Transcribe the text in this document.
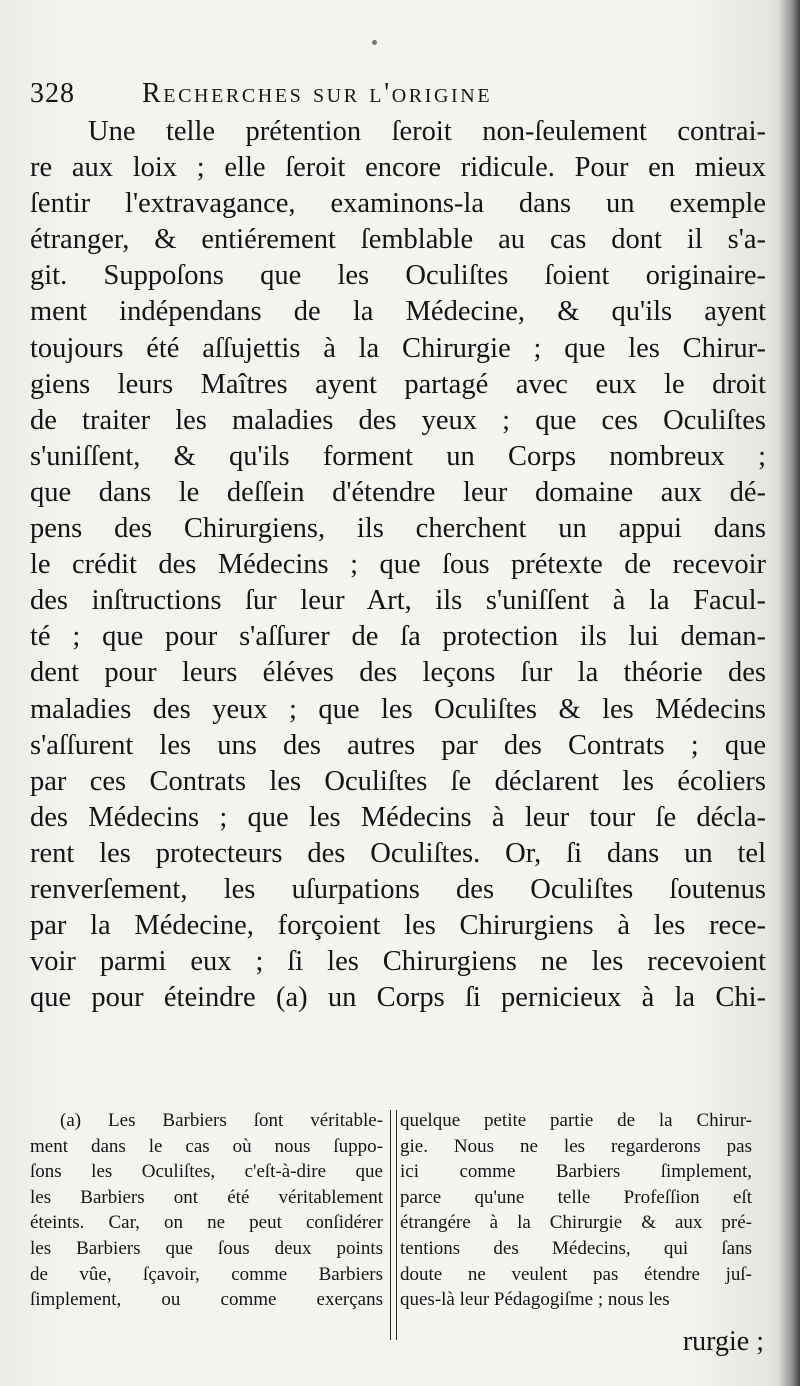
328 Recherches sur l'origine
Une telle prétention ſeroit non-ſeulement contrai-
re aux loix ; elle ſeroit encore ridicule. Pour en mieux
ſentir l'extravagance, examinons-la dans un exemple
étranger, & entiérement ſemblable au cas dont il s'a-
git. Suppoſons que les Oculiſtes ſoient originaire-
ment indépendans de la Médecine, & qu'ils ayent
toujours été aſſujettis à la Chirurgie ; que les Chirur-
giens leurs Maîtres ayent partagé avec eux le droit
de traiter les maladies des yeux ; que ces Oculiſtes
s'uniſſent, & qu'ils forment un Corps nombreux ;
que dans le deſſein d'étendre leur domaine aux dé-
pens des Chirurgiens, ils cherchent un appui dans
le crédit des Médecins ; que ſous prétexte de recevoir
des inſtructions ſur leur Art, ils s'uniſſent à la Facul-
té ; que pour s'aſſurer de ſa protection ils lui deman-
dent pour leurs éléves des leçons ſur la théorie des
maladies des yeux ; que les Oculiſtes & les Médecins
s'aſſurent les uns des autres par des Contrats ; que
par ces Contrats les Oculiſtes ſe déclarent les écoliers
des Médecins ; que les Médecins à leur tour ſe décla-
rent les protecteurs des Oculiſtes. Or, ſi dans un tel
renverſement, les uſurpations des Oculiſtes ſoutenus
par la Médecine, forçoient les Chirurgiens à les rece-
voir parmi eux ; ſi les Chirurgiens ne les recevoient
que pour éteindre (a) un Corps ſi pernicieux à la Chi-
(a) Les Barbiers ſont véritable-
ment dans le cas où nous ſuppo-
ſons les Oculiſtes, c'eſt-à-dire que
les Barbiers ont été véritablement
éteints. Car, on ne peut conſidérer
les Barbiers que ſous deux points
de vûe, ſçavoir, comme Barbiers
ſimplement, ou comme exerçans
quelque petite partie de la Chirur-
gie. Nous ne les regarderons pas
ici comme Barbiers ſimplement,
parce qu'une telle Profeſſion eſt
étrangére à la Chirurgie & aux pré-
tentions des Médecins, qui ſans
doute ne veulent pas étendre juſ-
ques-là leur Pédagogiſme ; nous les
rurgie ;
